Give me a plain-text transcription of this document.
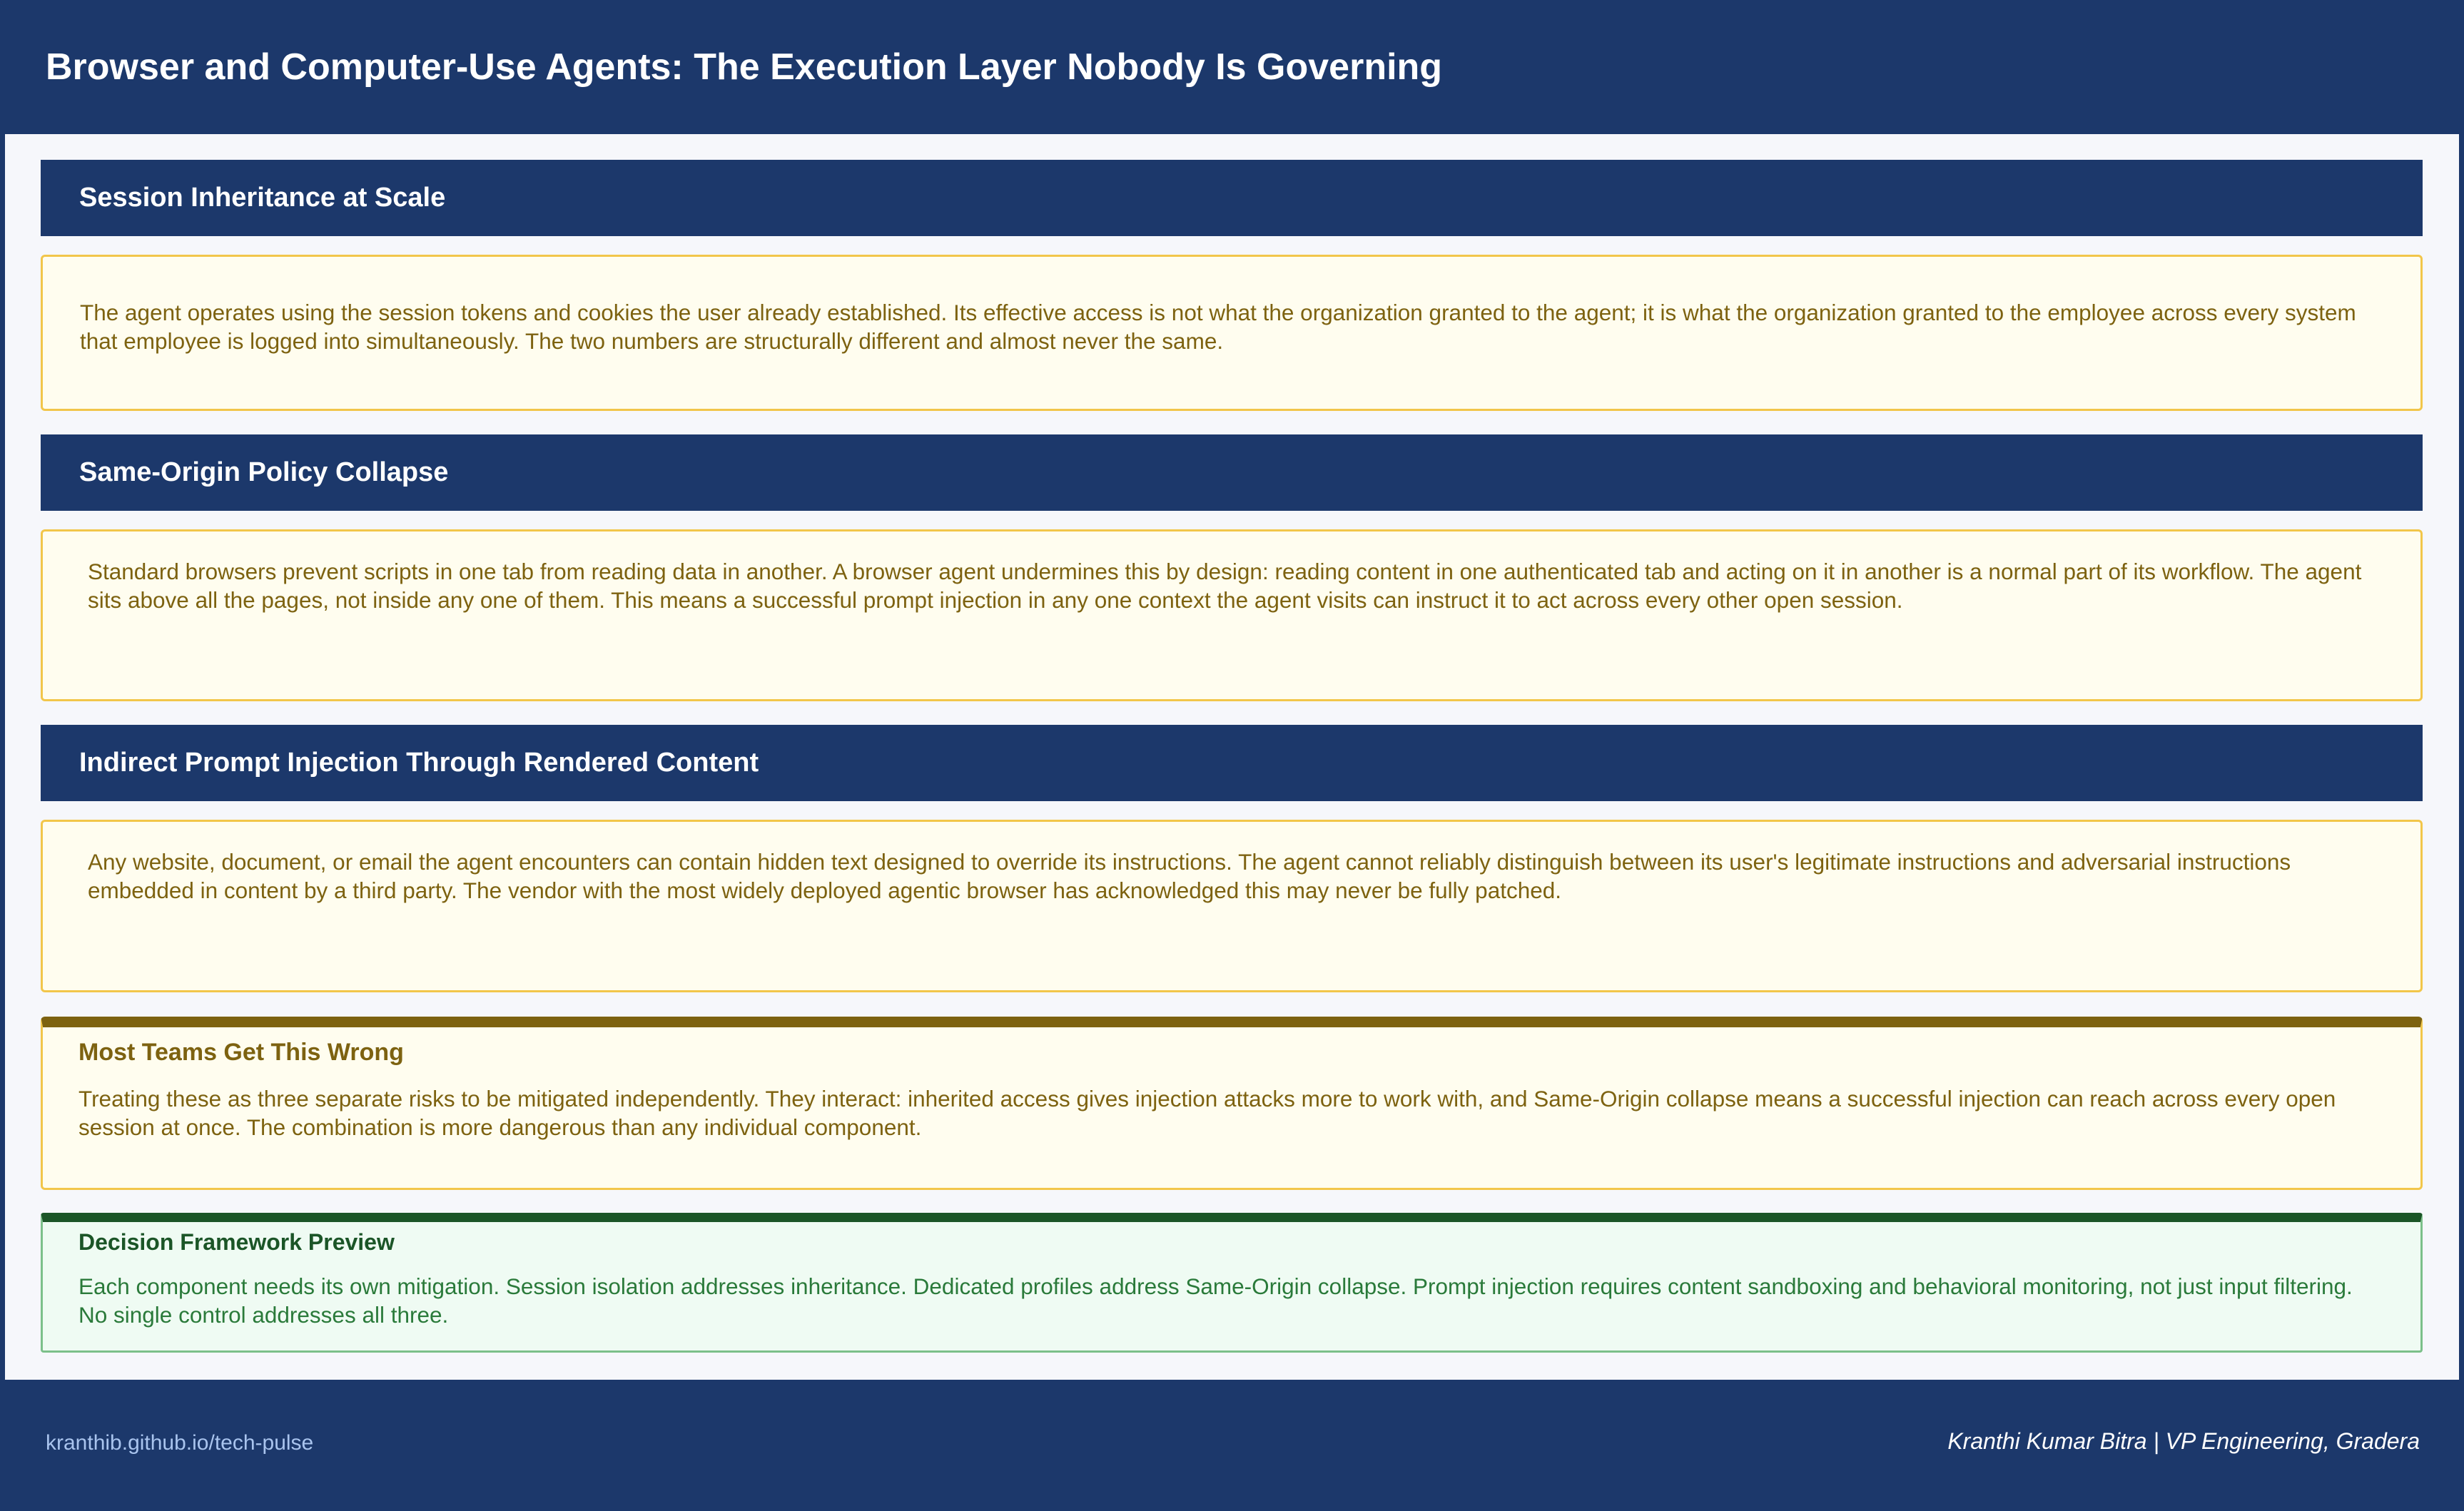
Browser and Computer-Use Agents: The Execution Layer Nobody Is Governing
Session Inheritance at Scale

The agent operates using the session tokens and cookies the user already established. Its effective access is not what the organization granted to the agent; it is what the organization granted to the employee across every system that employee is logged into simultaneously. The two numbers are structurally different and almost never the same.

Same-Origin Policy Collapse

Standard browsers prevent scripts in one tab from reading data in another. A browser agent undermines this by design: reading content in one authenticated tab and acting on it in another is a normal part of its workflow. The agent sits above all the pages, not inside any one of them. This means a successful prompt injection in any one context the agent visits can instruct it to act across every other open session.

Indirect Prompt Injection Through Rendered Content

Any website, document, or email the agent encounters can contain hidden text designed to override its instructions. The agent cannot reliably distinguish between its user's legitimate instructions and adversarial instructions embedded in content by a third party. The vendor with the most widely deployed agentic browser has acknowledged this may never be fully patched.

Most Teams Get This Wrong

Treating these as three separate risks to be mitigated independently. They interact: inherited access gives injection attacks more to work with, and Same-Origin collapse means a successful injection can reach across every open session at once. The combination is more dangerous than any individual component.

Decision Framework Preview

Each component needs its own mitigation. Session isolation addresses inheritance. Dedicated profiles address Same-Origin collapse. Prompt injection requires content sandboxing and behavioral monitoring, not just input filtering. No single control addresses all three.

kranthib.github.io/tech-pulse	Kranthi Kumar Bitra | VP Engineering, Gradera
